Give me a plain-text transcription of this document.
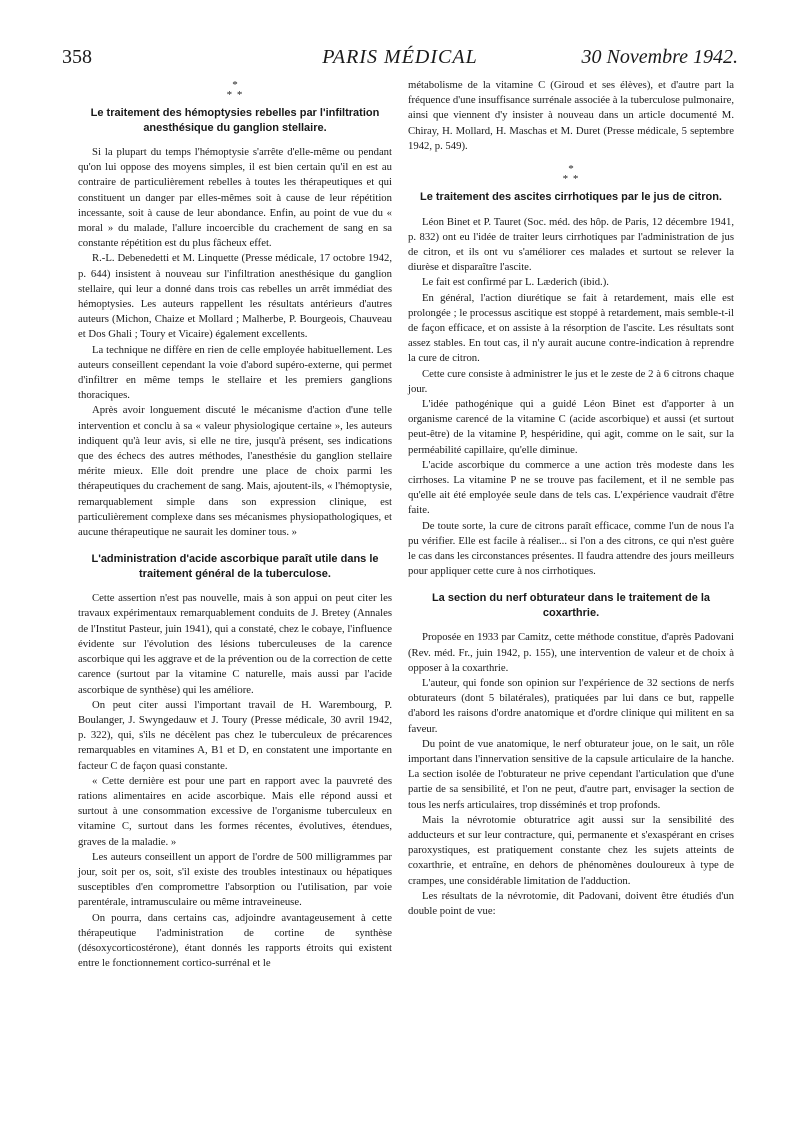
358	PARIS MÉDICAL	30 Novembre 1942.
*
* *
Le traitement des hémoptysies rebelles par l'infiltration anesthésique du ganglion stellaire.

Si la plupart du temps l'hémoptysie s'arrête d'elle-même ou pendant qu'on lui oppose des moyens simples, il est bien certain qu'il en est au contraire de particulièrement rebelles à toutes les thérapeutiques et qui constituent un danger par elles-mêmes soit à cause de leur répétition incessante, soit à cause de leur abondance. Enfin, au point de vue du « moral » du malade, l'allure incoercible du crachement de sang en sa constante répétition est du plus fâcheux effet.

R.-L. Debenedetti et M. Linquette (Presse médicale, 17 octobre 1942, p. 644) insistent à nouveau sur l'infiltration anesthésique du ganglion stellaire, qui leur a donné dans trois cas rebelles un arrêt immédiat des hémoptysies. Les auteurs rappellent les résultats antérieurs d'autres auteurs (Michon, Chaize et Mollard ; Malherbe, P. Bourgeois, Chauveau et Dos Ghali ; Toury et Vicaire) également excellents.

La technique ne diffère en rien de celle employée habituellement. Les auteurs conseillent cependant la voie d'abord supéro-externe, qui permet d'infiltrer en même temps le stellaire et les premiers ganglions thoraciques.

Après avoir longuement discuté le mécanisme d'action d'une telle intervention et conclu à sa « valeur physiologique certaine », les auteurs indiquent qu'à leur avis, si elle ne tire, jusqu'à présent, ses indications que des échecs des autres méthodes, l'anesthésie du ganglion stellaire mérite mieux. Elle doit prendre une place de choix parmi les thérapeutiques du crachement de sang. Mais, ajoutent-ils, « l'hémoptysie, remarquablement simple dans son expression clinique, est particulièrement complexe dans ses mécanismes physiopathologiques, et aucune thérapeutique ne saurait les dominer tous. »

L'administration d'acide ascorbique paraît utile dans le traitement général de la tuberculose.

Cette assertion n'est pas nouvelle, mais à son appui on peut citer les travaux expérimentaux remarquablement conduits de J. Bretey (Annales de l'Institut Pasteur, juin 1941), qui a constaté, chez le cobaye, l'influence évidente sur l'évolution des lésions tuberculeuses de la carence ascorbique qui les aggrave et de la prévention ou de la correction de cette carence (surtout par la vitamine C naturelle, mais aussi par l'acide ascorbique de synthèse) qui les améliore.

On peut citer aussi l'important travail de H. Warembourg, P. Boulanger, J. Swyngedauw et J. Toury (Presse médicale, 30 avril 1942, p. 322), qui, s'ils ne décèlent pas chez le tuberculeux de précarences remarquables en vitamines A, B1 et D, en constatent une importante en facteur C de façon quasi constante.

« Cette dernière est pour une part en rapport avec la pauvreté des rations alimentaires en acide ascorbique. Mais elle répond aussi et surtout à une consommation excessive de l'organisme tuberculeux en vitamine C, surtout dans les formes récentes, évolutives, étendues, graves de la maladie. »

Les auteurs conseillent un apport de l'ordre de 500 milligrammes par jour, soit per os, soit, s'il existe des troubles intestinaux ou hépatiques susceptibles d'en compromettre l'absorption ou l'utilisation, par voie parentérale, intramusculaire ou même intraveineuse.

On pourra, dans certains cas, adjoindre avantageusement à cette thérapeutique l'administration de cortine de synthèse (désoxycorticostérone), étant donnés les rapports étroits qui existent entre le fonctionnement cortico-surrénal et le

métabolisme de la vitamine C (Giroud et ses élèves), et d'autre part la fréquence d'une insuffisance surrénale associée à la tuberculose pulmonaire, ainsi que viennent d'y insister à nouveau dans un article documenté M. Chiray, H. Mollard, H. Maschas et M. Duret (Presse médicale, 5 septembre 1942, p. 549).

*
* *
Le traitement des ascites cirrhotiques par le jus de citron.

Léon Binet et P. Tauret (Soc. méd. des hôp. de Paris, 12 décembre 1941, p. 832) ont eu l'idée de traiter leurs cirrhotiques par l'administration de jus de citron, et ils ont vu s'améliorer ces malades et surtout se relever la diurèse et disparaître l'ascite.

Le fait est confirmé par L. Læderich (ibid.).

En général, l'action diurétique se fait à retardement, mais elle est prolongée ; le processus ascitique est stoppé à retardement, mais semble-t-il de façon efficace, et on assiste à la résorption de l'ascite. Les résultats sont assez stables. En tout cas, il n'y aurait aucune contre-indication à reprendre la cure de citron.

Cette cure consiste à administrer le jus et le zeste de 2 à 6 citrons chaque jour.

L'idée pathogénique qui a guidé Léon Binet est d'apporter à un organisme carencé de la vitamine C (acide ascorbique) et aussi (et surtout peut-être) de la vitamine P, hespéridine, qui agit, comme on le sait, sur la perméabilité capillaire, qu'elle diminue.

L'acide ascorbique du commerce a une action très modeste dans les cirrhoses. La vitamine P ne se trouve pas facilement, et il ne semble pas qu'elle ait été employée seule dans de tels cas. L'expérience vaudrait d'être faite.

De toute sorte, la cure de citrons paraît efficace, comme l'un de nous l'a pu vérifier. Elle est facile à réaliser... si l'on a des citrons, ce qui n'est guère le cas dans les circonstances présentes. Il faudra attendre des jours meilleurs pour appliquer cette cure à nos cirrhotiques.

La section du nerf obturateur dans le traitement de la coxarthrie.

Proposée en 1933 par Camitz, cette méthode constitue, d'après Padovani (Rev. méd. Fr., juin 1942, p. 155), une intervention de valeur et de choix à opposer à la coxarthrie.

L'auteur, qui fonde son opinion sur l'expérience de 32 sections de nerfs obturateurs (dont 5 bilatérales), pratiquées par lui dans ce but, rappelle d'abord les raisons d'ordre anatomique et d'ordre clinique qui militent en sa faveur.

Du point de vue anatomique, le nerf obturateur joue, on le sait, un rôle important dans l'innervation sensitive de la capsule articulaire de la hanche. La section isolée de l'obturateur ne prive cependant l'articulation que d'une partie de sa sensibilité, et l'on ne peut, d'autre part, envisager la section de tous les nerfs articulaires, trop disséminés et trop profonds.

Mais la névrotomie obturatrice agit aussi sur la sensibilité des adducteurs et sur leur contracture, qui, permanente et s'exaspérant en crises paroxystiques, est pratiquement constante chez les sujets atteints de coxarthrie, et entraîne, en dehors de phénomènes douloureux à type de crampes, une considérable limitation de l'adduction.

Les résultats de la névrotomie, dit Padovani, doivent être étudiés d'un double point de vue:
